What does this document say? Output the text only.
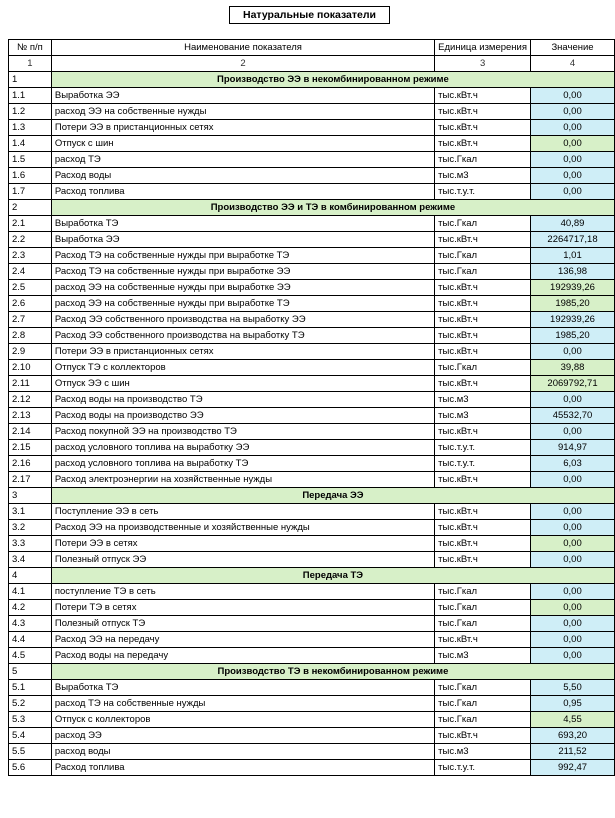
Натуральные показатели
№ п/п	Наименование показателя	Единица измерения	Значение
1	2	3	4
1	Производство ЭЭ в некомбинированном режиме		
1.1	Выработка ЭЭ	тыс.кВт.ч	0,00
1.2	расход ЭЭ на собственные нужды	тыс.кВт.ч	0,00
1.3	Потери ЭЭ в пристанционных сетях	тыс.кВт.ч	0,00
1.4	Отпуск с шин	тыс.кВт.ч	0,00
1.5	расход ТЭ	тыс.Гкал	0,00
1.6	Расход воды	тыс.м3	0,00
1.7	Расход топлива	тыс.т.у.т.	0,00
2	Производство ЭЭ и ТЭ в комбинированном режиме		
2.1	Выработка ТЭ	тыс.Гкал	40,89
2.2	Выработка ЭЭ	тыс.кВт.ч	2264717,18
2.3	Расход ТЭ на собственные нужды при выработке ТЭ	тыс.Гкал	1,01
2.4	Расход ТЭ на собственные нужды при выработке ЭЭ	тыс.Гкал	136,98
2.5	расход ЭЭ на собственные нужды при выработке ЭЭ	тыс.кВт.ч	192939,26
2.6	расход ЭЭ на собственные нужды при выработке ТЭ	тыс.кВт.ч	1985,20
2.7	Расход ЭЭ собственного производства на выработку ЭЭ	тыс.кВт.ч	192939,26
2.8	Расход ЭЭ собственного производства на выработку ТЭ	тыс.кВт.ч	1985,20
2.9	Потери ЭЭ в пристанционных сетях	тыс.кВт.ч	0,00
2.10	Отпуск ТЭ с коллекторов	тыс.Гкал	39,88
2.11	Отпуск ЭЭ с шин	тыс.кВт.ч	2069792,71
2.12	Расход воды на производство ТЭ	тыс.м3	0,00
2.13	Расход воды на производство ЭЭ	тыс.м3	45532,70
2.14	Расход покупной ЭЭ на производство ТЭ	тыс.кВт.ч	0,00
2.15	расход условного топлива на выработку ЭЭ	тыс.т.у.т.	914,97
2.16	расход условного топлива на выработку ТЭ	тыс.т.у.т.	6,03
2.17	Расход электроэнергии на хозяйственные нужды	тыс.кВт.ч	0,00
3	Передача ЭЭ		
3.1	Поступление ЭЭ в сеть	тыс.кВт.ч	0,00
3.2	Расход ЭЭ на производственные и хозяйственные нужды	тыс.кВт.ч	0,00
3.3	Потери ЭЭ в сетях	тыс.кВт.ч	0,00
3.4	Полезный отпуск ЭЭ	тыс.кВт.ч	0,00
4	Передача ТЭ		
4.1	поступление ТЭ в сеть	тыс.Гкал	0,00
4.2	Потери ТЭ в сетях	тыс.Гкал	0,00
4.3	Полезный отпуск ТЭ	тыс.Гкал	0,00
4.4	Расход ЭЭ на передачу	тыс.кВт.ч	0,00
4.5	Расход воды на передачу	тыс.м3	0,00
5	Производство ТЭ в некомбинированном режиме		
5.1	Выработка ТЭ	тыс.Гкал	5,50
5.2	расход ТЭ на собственные нужды	тыс.Гкал	0,95
5.3	Отпуск с коллекторов	тыс.Гкал	4,55
5.4	расход ЭЭ	тыс.кВт.ч	693,20
5.5	расход воды	тыс.м3	211,52
5.6	Расход топлива	тыс.т.у.т.	992,47
